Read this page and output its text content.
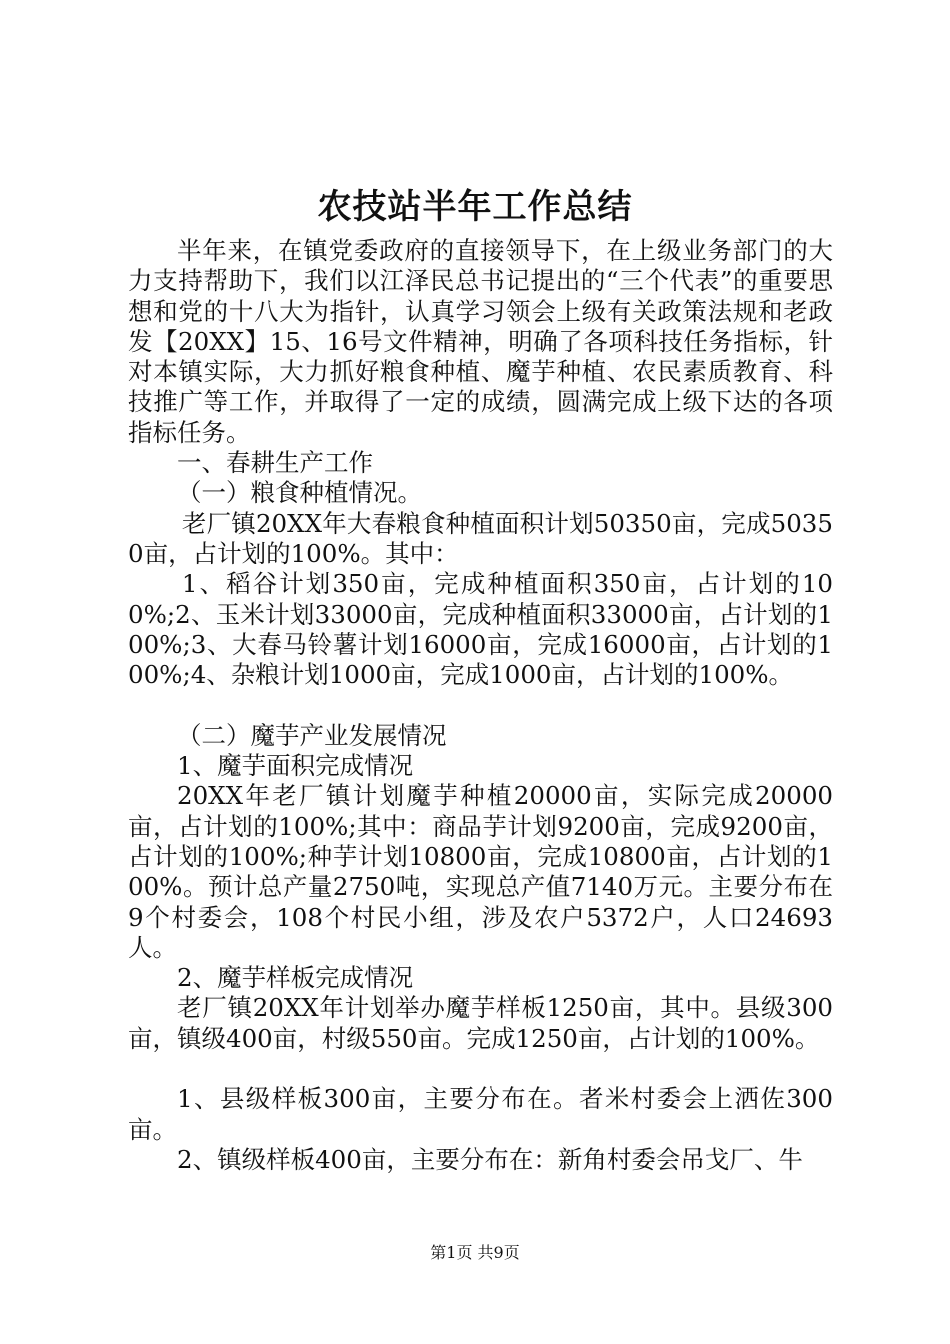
农技站半年工作总结

半年来，在镇党委政府的直接领导下，在上级业务部门的大力支持帮助下，我们以江泽民总书记提出的“三个代表”的重要思想和党的十八大为指针，认真学习领会上级有关政策法规和老政发【20XX】15、16号文件精神，明确了各项科技任务指标，针对本镇实际，大力抓好粮食种植、魔芋种植、农民素质教育、科技推广等工作，并取得了一定的成绩，圆满完成上级下达的各项指标任务。

一、春耕生产工作

（一）粮食种植情况。

老厂镇20XX年大春粮食种植面积计划50350亩，完成50350亩，占计划的100%。其中：

1、稻谷计划350亩，完成种植面积350亩，占计划的100%;2、玉米计划33000亩，完成种植面积33000亩，占计划的100%;3、大春马铃薯计划16000亩，完成16000亩，占计划的100%;4、杂粮计划1000亩，完成1000亩，占计划的100%。

（二）魔芋产业发展情况

1、魔芋面积完成情况

20XX年老厂镇计划魔芋种植20000亩，实际完成20000亩，占计划的100%;其中：商品芋计划9200亩，完成9200亩，占计划的100%;种芋计划10800亩，完成10800亩，占计划的100%。预计总产量2750吨，实现总产值7140万元。主要分布在9个村委会，108个村民小组，涉及农户5372户，人口24693人。

2、魔芋样板完成情况

老厂镇20XX年计划举办魔芋样板1250亩，其中。县级300亩，镇级400亩，村级550亩。完成1250亩，占计划的100%。

1、县级样板300亩，主要分布在。者米村委会上洒佐300亩。

2、镇级样板400亩，主要分布在：新角村委会吊戈厂、牛

第1页 共9页
